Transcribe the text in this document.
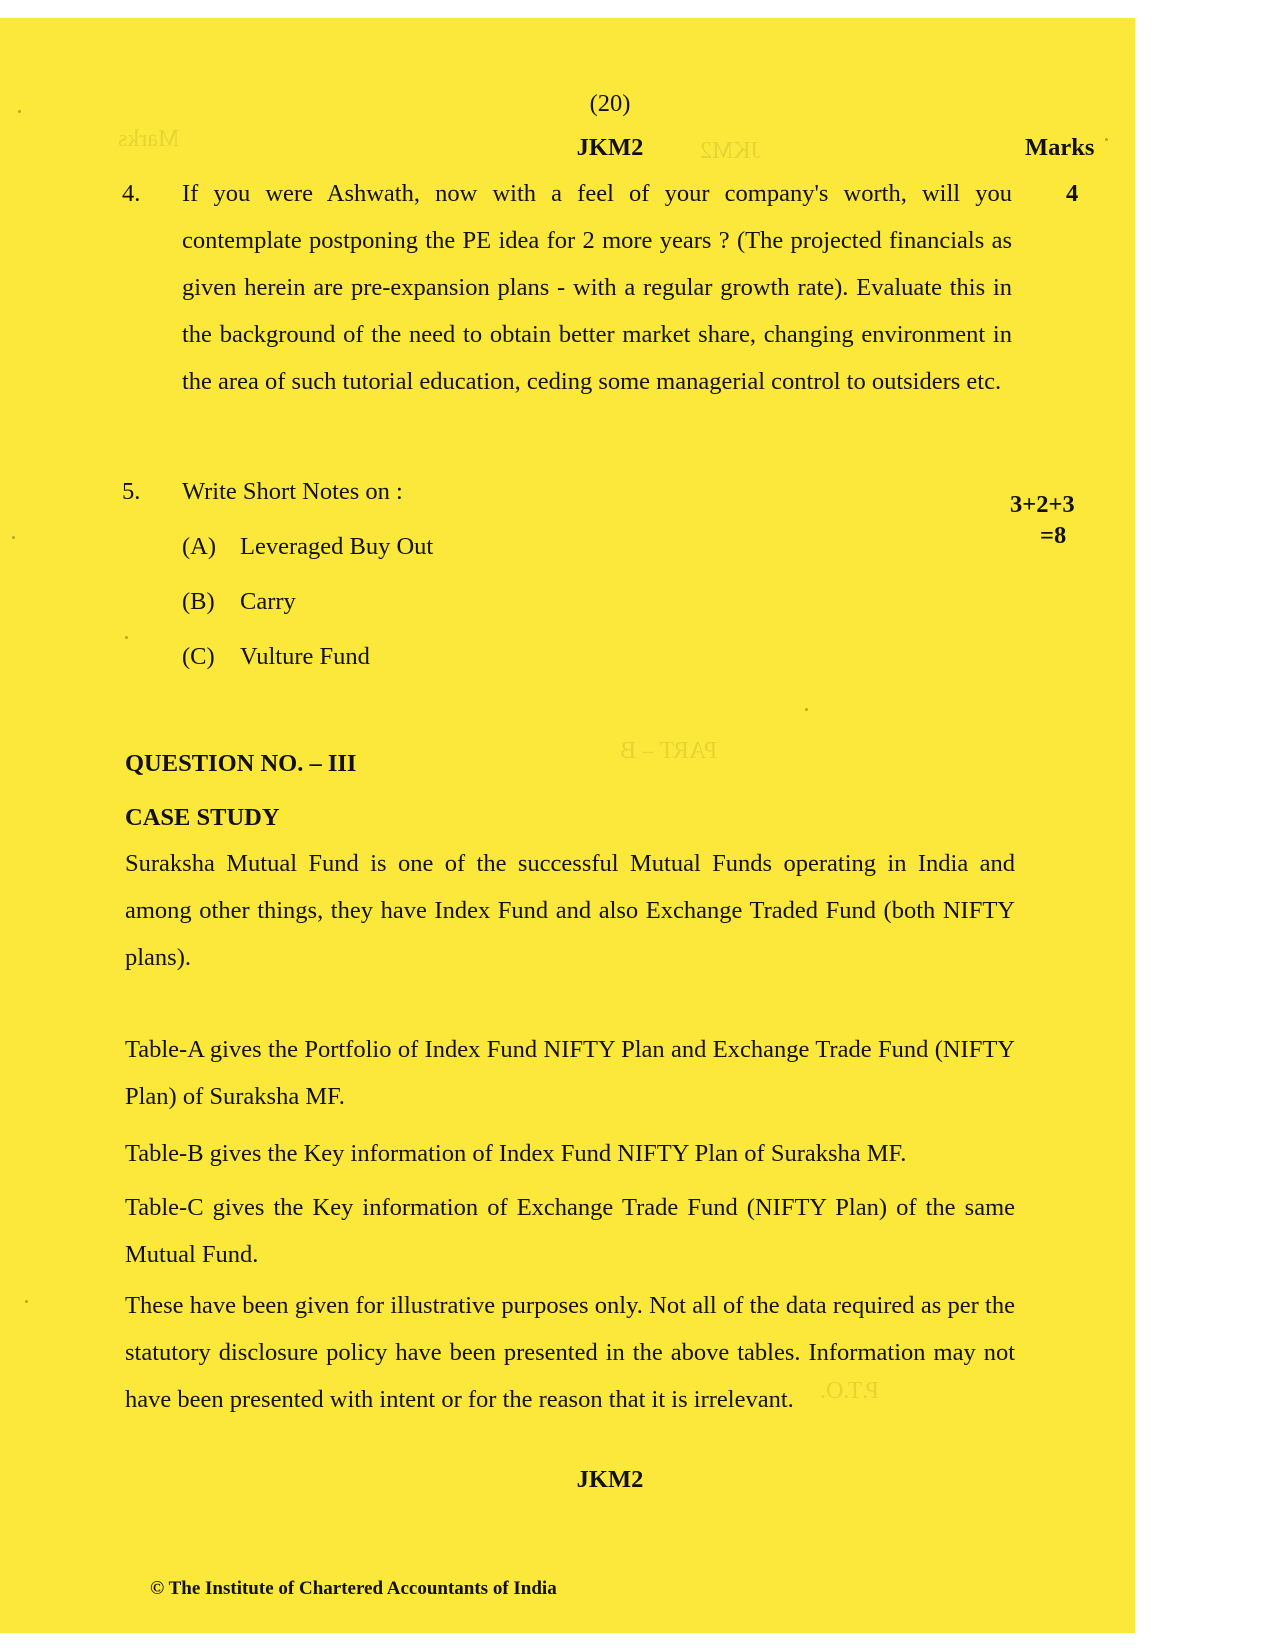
Marks	JKM2
PART – B
P.T.O.
(20)
JKM2	Marks
4. If you were Ashwath, now with a feel of your company's worth, will you contemplate postponing the PE idea for 2 more years ? (The projected financials as given herein are pre-expansion plans - with a regular growth rate). Evaluate this in the background of the need to obtain better market share, changing environment in the area of such tutorial education, ceding some managerial control to outsiders etc.
4
5. Write Short Notes on :	3+2+3
=8
(A) Leveraged Buy Out
(B) Carry
(C) Vulture Fund
QUESTION NO. – III
CASE STUDY
Suraksha Mutual Fund is one of the successful Mutual Funds operating in India and among other things, they have Index Fund and also Exchange Traded Fund (both NIFTY plans).
Table-A gives the Portfolio of Index Fund NIFTY Plan and Exchange Trade Fund (NIFTY Plan) of Suraksha MF.
Table-B gives the Key information of Index Fund NIFTY Plan of Suraksha MF.
Table-C gives the Key information of Exchange Trade Fund (NIFTY Plan) of the same Mutual Fund.
These have been given for illustrative purposes only. Not all of the data required as per the statutory disclosure policy have been presented in the above tables. Information may not have been presented with intent or for the reason that it is irrelevant.
JKM2
© The Institute of Chartered Accountants of India
